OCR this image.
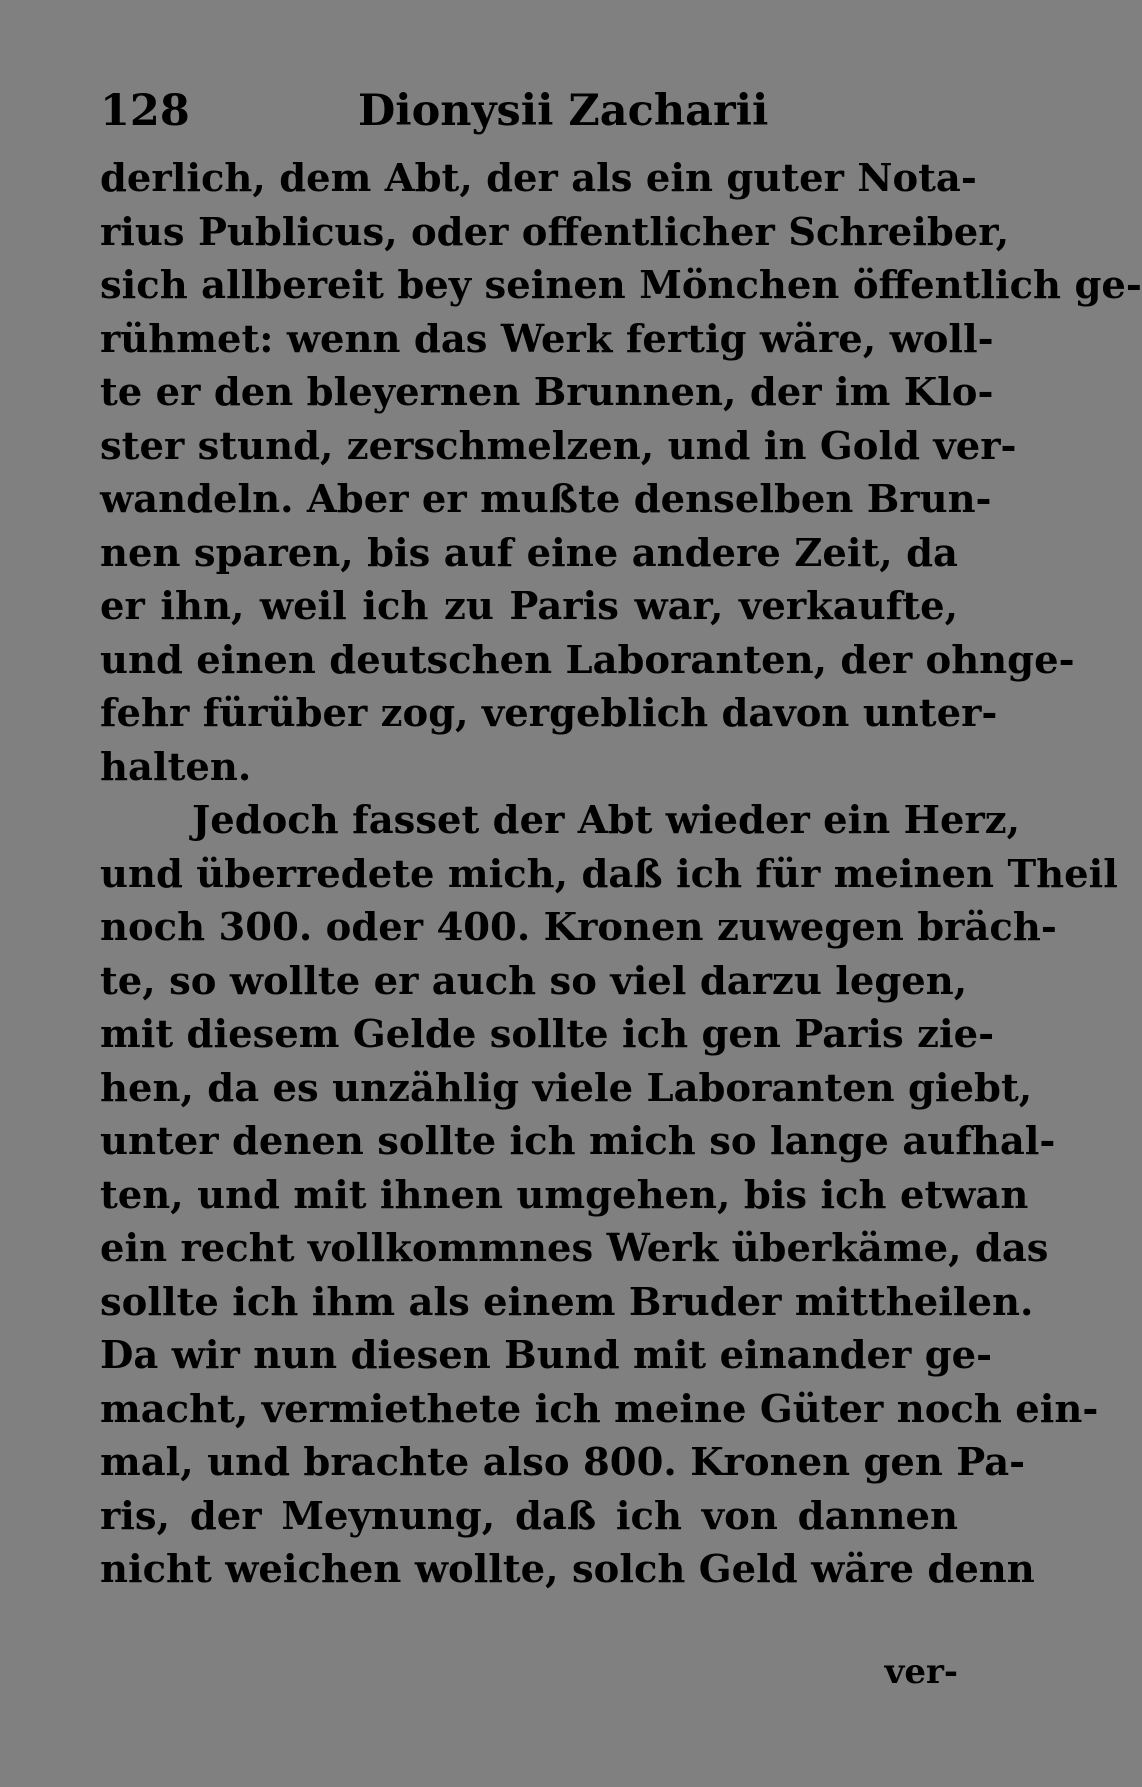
128	Dionysii Zacharii
derlich, dem Abt, der als ein guter Nota-
rius Publicus, oder offentlicher Schreiber,
sich allbereit bey seinen Mönchen öffentlich ge-
rühmet: wenn das Werk fertig wäre, woll-
te er den bleyernen Brunnen, der im Klo-
ster stund, zerschmelzen, und in Gold ver-
wandeln. Aber er mußte denselben Brun-
nen sparen, bis auf eine andere Zeit, da
er ihn, weil ich zu Paris war, verkaufte,
und einen deutschen Laboranten, der ohnge-
fehr fürüber zog, vergeblich davon unter-
halten.
Jedoch fasset der Abt wieder ein Herz,
und überredete mich, daß ich für meinen Theil
noch 300. oder 400. Kronen zuwegen bräch-
te, so wollte er auch so viel darzu legen,
mit diesem Gelde sollte ich gen Paris zie-
hen, da es unzählig viele Laboranten giebt,
unter denen sollte ich mich so lange aufhal-
ten, und mit ihnen umgehen, bis ich etwan
ein recht vollkommnes Werk überkäme, das
sollte ich ihm als einem Bruder mittheilen.
Da wir nun diesen Bund mit einander ge-
macht, vermiethete ich meine Güter noch ein-
mal, und brachte also 800. Kronen gen Pa-
ris, der Meynung, daß ich von dannen
nicht weichen wollte, solch Geld wäre denn
ver-
